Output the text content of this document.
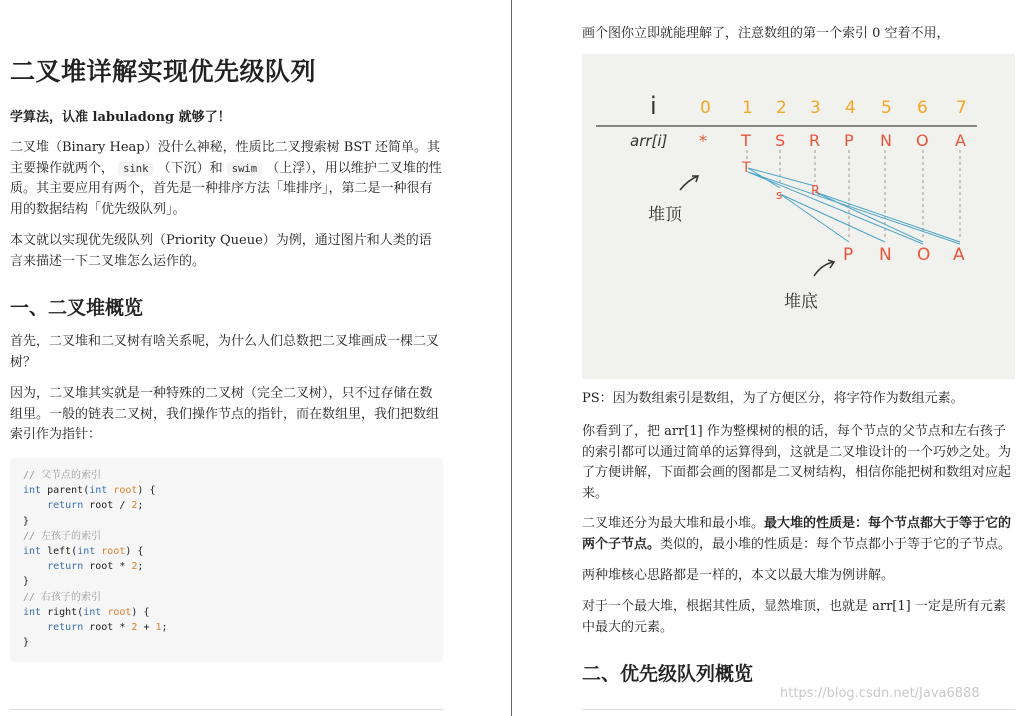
二叉堆详解实现优先级队列

学算法，认准 labuladong 就够了！

二叉堆（Binary Heap）没什么神秘，性质比二叉搜索树 BST 还简单。其主要操作就两个， sink （下沉）和 swim （上浮），用以维护二叉堆的性质。其主要应用有两个，首先是一种排序方法「堆排序」，第二是一种很有用的数据结构「优先级队列」。

本文就以实现优先级队列（Priority Queue）为例，通过图片和人类的语言来描述一下二叉堆怎么运作的。

一、二叉堆概览

首先，二叉堆和二叉树有啥关系呢，为什么人们总数把二叉堆画成一棵二叉树？

因为，二叉堆其实就是一种特殊的二叉树（完全二叉树），只不过存储在数组里。一般的链表二叉树，我们操作节点的指针，而在数组里，我们把数组索引作为指针：

// 父节点的索引
int parent(int root) {
return root / 2;
}
// 左孩子的索引
int left(int root) {
return root * 2;
}
// 右孩子的索引
int right(int root) {
return root * 2 + 1;
}

画个图你立即就能理解了，注意数组的第一个索引 0 空着不用，

i	0 1 2 3 4 5 6 7
arr[i] * T S R P N O A
T
s R
P N O A
堆顶
堆底

PS：因为数组索引是数组，为了方便区分，将字符作为数组元素。

你看到了，把 arr[1] 作为整棵树的根的话，每个节点的父节点和左右孩子的索引都可以通过简单的运算得到，这就是二叉堆设计的一个巧妙之处。为了方便讲解，下面都会画的图都是二叉树结构，相信你能把树和数组对应起来。

二叉堆还分为最大堆和最小堆。最大堆的性质是：每个节点都大于等于它的两个子节点。类似的，最小堆的性质是：每个节点都小于等于它的子节点。

两种堆核心思路都是一样的，本文以最大堆为例讲解。

对于一个最大堆，根据其性质，显然堆顶，也就是 arr[1] 一定是所有元素中最大的元素。

二、优先级队列概览
https://blog.csdn.net/Java6888
